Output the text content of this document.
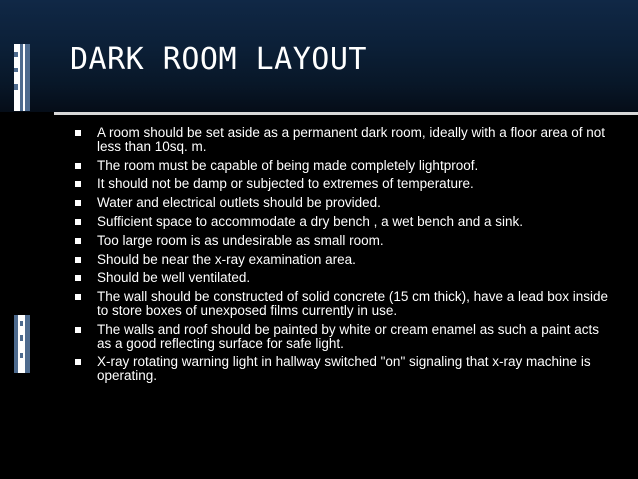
DARK ROOM LAYOUT
A room should be set aside as a permanent dark room, ideally with a floor area of not less than 10sq. m.
The room must be capable of being made completely lightproof.
It should not be damp or subjected to extremes of temperature.
Water and electrical outlets should be provided.
Sufficient space to accommodate a dry bench , a wet bench and a sink.
Too large room is as undesirable as small room.
Should be near the x-ray examination area.
Should be well ventilated.
The wall should be constructed of solid concrete (15 cm thick), have a lead box inside to store boxes of unexposed films currently in use.
The walls and roof should be painted by white or cream enamel as such a paint acts as a good reflecting surface for safe light.
X-ray rotating warning light in hallway switched "on" signaling that x-ray machine is operating.
